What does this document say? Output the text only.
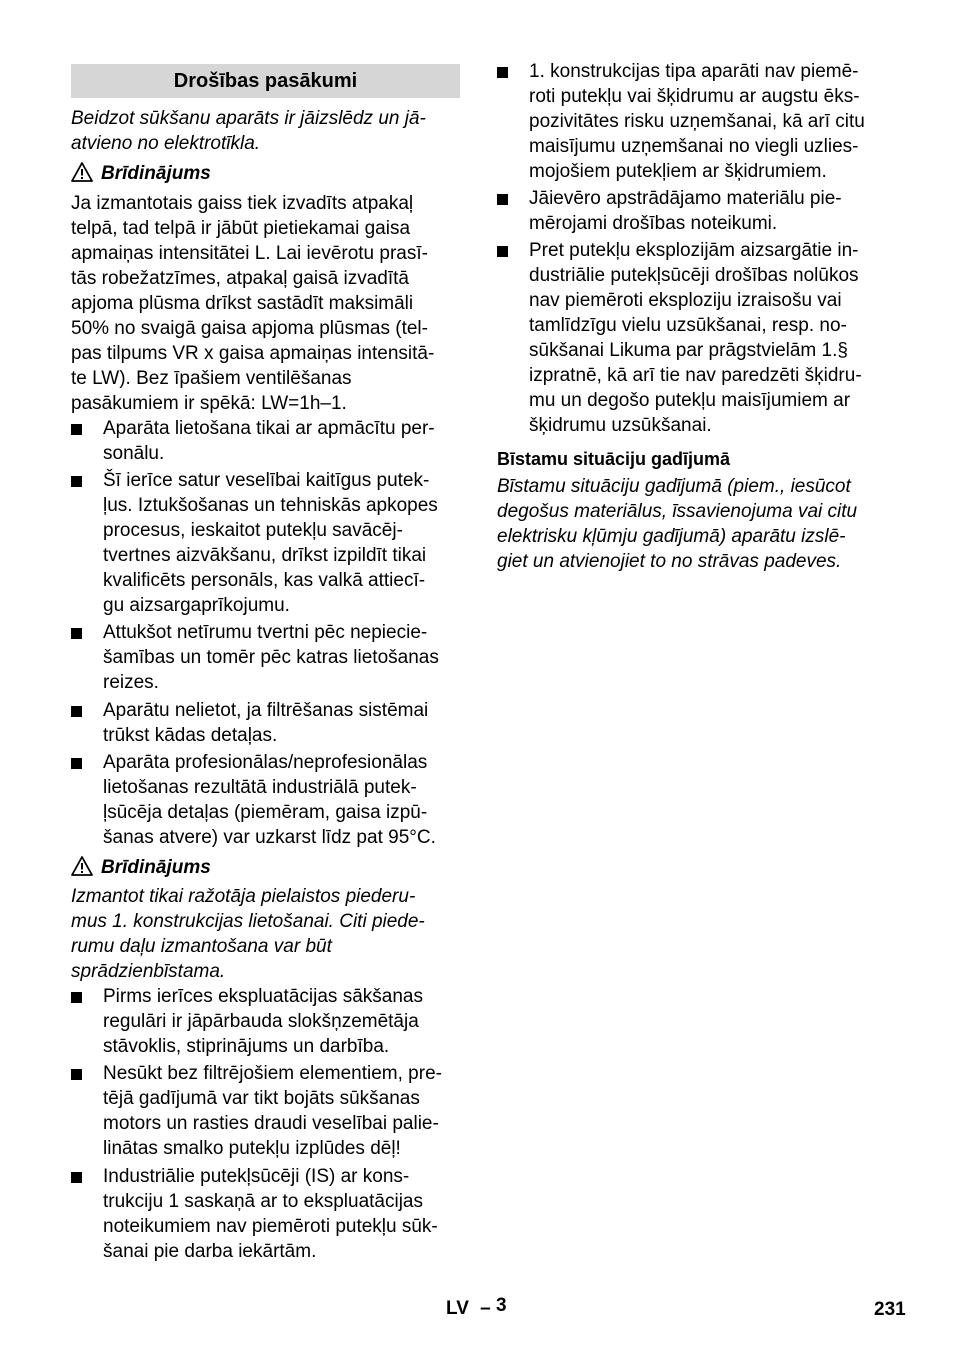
Drošības pasākumi

Beidzot sūkšanu aparāts ir jāizslēdz un jā-

atvieno no elektrotīkla.

Brīdinājums

Ja izmantotais gaiss tiek izvadīts atpakaļ

telpā, tad telpā ir jābūt pietiekamai gaisa

apmaiņas intensitātei L. Lai ievērotu prasī-

tās robežatzīmes, atpakaļ gaisā izvadītā

apjoma plūsma drīkst sastādīt maksimāli

50% no svaigā gaisa apjoma plūsmas (tel-

pas tilpums VR x gaisa apmaiņas intensitā-

te LW). Bez īpašiem ventilēšanas

pasākumiem ir spēkā: LW=1h–1.

Aparāta lietošana tikai ar apmācītu per-

sonālu.

Šī ierīce satur veselībai kaitīgus putek-

ļus. Iztukšošanas un tehniskās apkopes

procesus, ieskaitot putekļu savācēj-

tvertnes aizvākšanu, drīkst izpildīt tikai

kvalificēts personāls, kas valkā attiecī-

gu aizsargaprīkojumu.

Attukšot netīrumu tvertni pēc nepiecie-

šamības un tomēr pēc katras lietošanas

reizes.

Aparātu nelietot, ja filtrēšanas sistēmai

trūkst kādas detaļas.

Aparāta profesionālas/neprofesionālas

lietošanas rezultātā industriālā putek-

ļsūcēja detaļas (piemēram, gaisa izpū-

šanas atvere) var uzkarst līdz pat 95°C.

Brīdinājums

Izmantot tikai ražotāja pielaistos piederu-

mus 1. konstrukcijas lietošanai. Citi piede-

rumu daļu izmantošana var būt

sprādzienbīstama.

Pirms ierīces ekspluatācijas sākšanas

regulāri ir jāpārbauda slokšņzemētāja

stāvoklis, stiprinājums un darbība.

Nesūkt bez filtrējošiem elementiem, pre-

tējā gadījumā var tikt bojāts sūkšanas

motors un rasties draudi veselībai palie-

linātas smalko putekļu izplūdes dēļ!

Industriālie putekļsūcēji (IS) ar kons-

trukciju 1 saskaņā ar to ekspluatācijas

noteikumiem nav piemēroti putekļu sūk-

šanai pie darba iekārtām.

1. konstrukcijas tipa aparāti nav piemē-

roti putekļu vai šķidrumu ar augstu ēks-

pozivitātes risku uzņemšanai, kā arī citu

maisījumu uzņemšanai no viegli uzlies-

mojošiem putekļiem ar šķidrumiem.

Jāievēro apstrādājamo materiālu pie-

mērojami drošības noteikumi.

Pret putekļu eksplozijām aizsargātie in-

dustriālie putekļsūcēji drošības nolūkos

nav piemēroti eksploziju izraisošu vai

tamlīdzīgu vielu uzsūkšanai, resp. no-

sūkšanai Likuma par prāgstvielām 1.§

izpratnē, kā arī tie nav paredzēti šķidru-

mu un degošo putekļu maisījumiem ar

šķidrumu uzsūkšanai.

Bīstamu situāciju gadījumā

Bīstamu situāciju gadījumā (piem., iesūcot

degošus materiālus, īssavienojuma vai citu

elektrisku kļūmju gadījumā) aparātu izslē-

giet un atvienojiet to no strāvas padeves.

LV – 3	231
